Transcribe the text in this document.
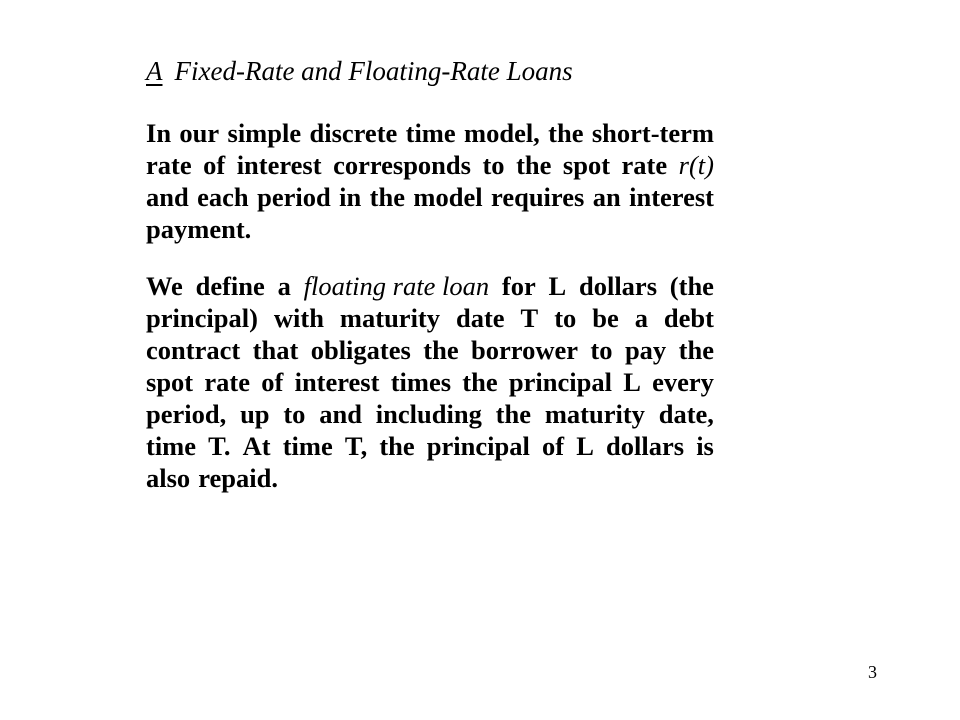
A Fixed-Rate and Floating-Rate Loans
In our simple discrete time model, the short-term
rate of interest corresponds to the spot rate r(t)
and each period in the model requires an interest
payment.
We define a floating rate loan for L dollars (the
principal) with maturity date T to be a debt
contract that obligates the borrower to pay the
spot rate of interest times the principal L every
period, up to and including the maturity date,
time T. At time T, the principal of L dollars is
also repaid.
3
